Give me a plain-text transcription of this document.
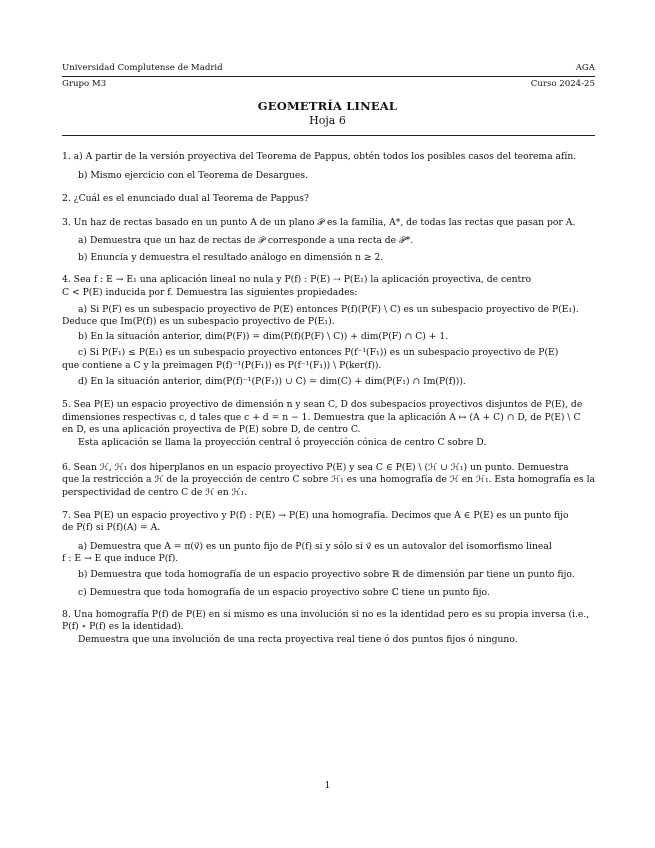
Universidad Complutense de Madrid	AGA
Grupo M3	Curso 2024-25
GEOMETRÍA LINEAL
Hoja 6
1. a) A partir de la versión proyectiva del Teorema de Pappus, obtén todos los posibles casos del teorema afín.
b) Mismo ejercicio con el Teorema de Desargues.
2. ¿Cuál es el enunciado dual al Teorema de Pappus?
3. Un haz de rectas basado en un punto A de un plano 𝒫 es la familia, A*, de todas las rectas que pasan por A.
a) Demuestra que un haz de rectas de 𝒫 corresponde a una recta de 𝒫*.
b) Enuncia y demuestra el resultado análogo en dimensión n ≥ 2.
4. Sea f : E → E₁ una aplicación lineal no nula y P(f) : P(E) ⇢ P(E₁) la aplicación proyectiva, de centro
C < P(E) inducida por f. Demuestra las siguientes propiedades:
a) Si P(F) es un subespacio proyectivo de P(E) entonces P(f)(P(F) \ C) es un subespacio proyectivo de P(E₁).
Deduce que Im(P(f)) es un subespacio proyectivo de P(E₁).
b) En la situación anterior, dim(P(F)) = dim(P(f)(P(F) \ C)) + dim(P(F) ∩ C) + 1.
c) Si P(F₁) ≤ P(E₁) es un subespacio proyectivo entonces P(f⁻¹(F₁)) es un subespacio proyectivo de P(E)
que contiene a C y la preimagen P(f)⁻¹(P(F₁)) es P(f⁻¹(F₁)) \ P(ker(f)).
d) En la situación anterior, dim(P(f)⁻¹(P(F₁)) ∪ C) = dim(C) + dim(P(F₁) ∩ Im(P(f))).
5. Sea P(E) un espacio proyectivo de dimensión n y sean C, D dos subespacios proyectivos disjuntos de P(E), de
dimensiones respectivas c, d tales que c + d = n − 1. Demuestra que la aplicación A ↦ (A + C) ∩ D, de P(E) \ C
en D, es una aplicación proyectiva de P(E) sobre D, de centro C.
Esta aplicación se llama la proyección central ó proyección cónica de centro C sobre D.
6. Sean ℋ, ℋ₁ dos hiperplanos en un espacio proyectivo P(E) y sea C ∈ P(E) \ (ℋ ∪ ℋ₁) un punto. Demuestra
que la restricción a ℋ de la proyección de centro C sobre ℋ₁ es una homografía de ℋ en ℋ₁. Esta homografía es la
perspectividad de centro C de ℋ en ℋ₁.
7. Sea P(E) un espacio proyectivo y P(f) : P(E) → P(E) una homografía. Decimos que A ∈ P(E) es un punto fijo
de P(f) si P(f)(A) = A.
a) Demuestra que A = π(v⃗) es un punto fijo de P(f) si y sólo si v⃗ es un autovalor del isomorfismo lineal
f : E → E que induce P(f).
b) Demuestra que toda homografía de un espacio proyectivo sobre ℝ de dimensión par tiene un punto fijo.
c) Demuestra que toda homografía de un espacio proyectivo sobre ℂ tiene un punto fijo.
8. Una homografía P(f) de P(E) en sí mismo es una involución si no es la identidad pero es su propia inversa (i.e.,
P(f) ∘ P(f) es la identidad).
Demuestra que una involución de una recta proyectiva real tiene ó dos puntos fijos ó ninguno.
1
